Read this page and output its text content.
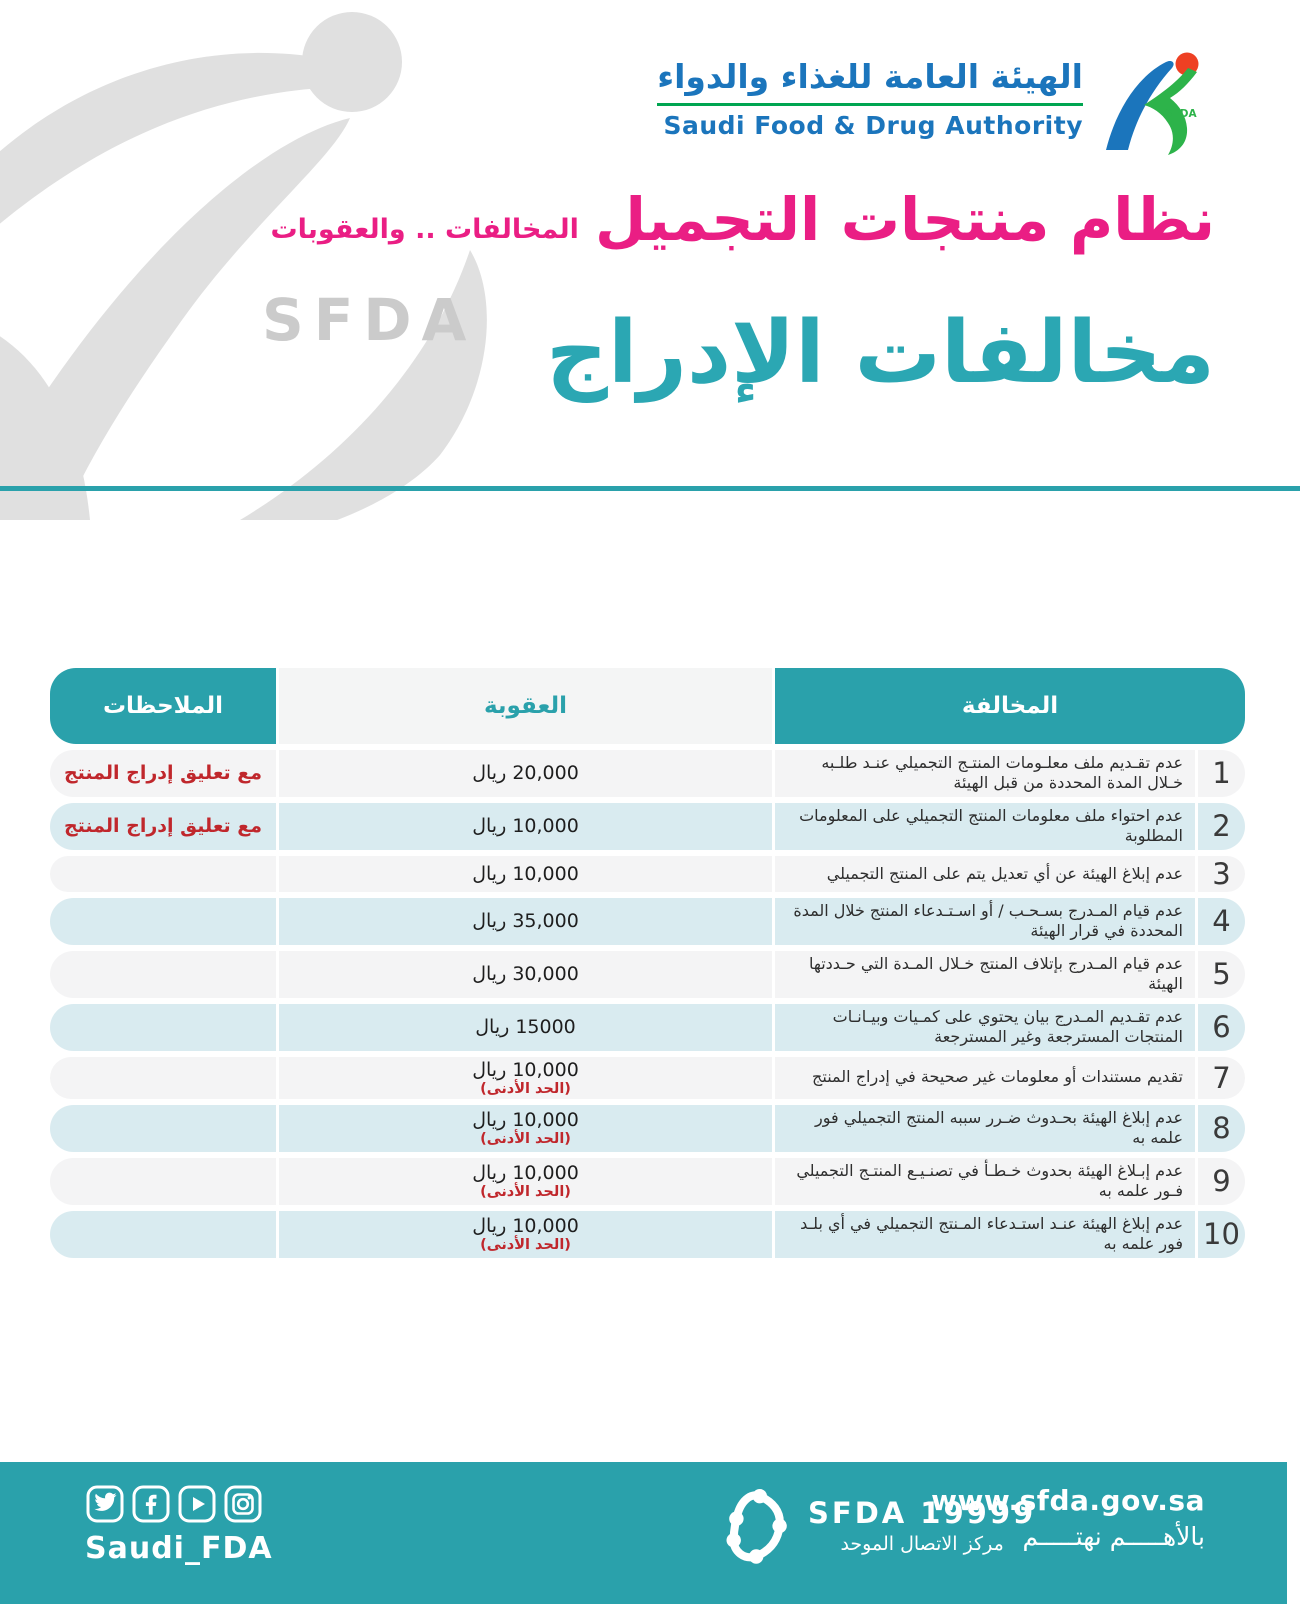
SFDA
الهيئة العامة للغذاء والدواء
Saudi Food & Drug Authority	SFDA
نظام منتجات التجميل
المخالفات .. والعقوبات
مخالفات الإدراج
المخالفة
العقوبة
الملاحظات
1
عدم تقـديم ملف معلـومات المنتـج التجميلي عنـد طلـبه خـلال المدة المحددة من قبل الهيئة
20,000 ريال
مع تعليق إدراج المنتج
2
عدم احتواء ملف معلومات المنتج التجميلي على المعلومات المطلوبة
10,000 ريال
مع تعليق إدراج المنتج
3
عدم إبلاغ الهيئة عن أي تعديل يتم على المنتج التجميلي
10,000 ريال
4
عدم قيام المـدرج بسـحـب / أو اسـتـدعاء المنتج خلال المدة المحددة في قرار الهيئة
35,000 ريال
5
عدم قيام المـدرج بإتلاف المنتج خـلال المـدة التي حـددتها الهيئة
30,000 ريال
6
عدم تقـديم المـدرج بيان يحتوي على كمـيات وبيـانـات المنتجات المسترجعة وغير المسترجعة
15000 ريال
7
تقديم مستندات أو معلومات غير صحيحة في إدراج المنتج
10,000 ريال
(الحد الأدنى)
8
عدم إبلاغ الهيئة بحـدوث ضـرر سببه المنتج التجميلي فور علمه به
10,000 ريال
(الحد الأدنى)
9
عدم إبـلاغ الهيئة بحدوث خـطـأ في تصنـيـع المنتـج التجميلي فـور علمه به
10,000 ريال
(الحد الأدنى)
10
عدم إبلاغ الهيئة عنـد استـدعاء المـنتج التجميلي في أي بلـد فور علمه به
10,000 ريال
(الحد الأدنى)
Saudi_FDA
SFDA 19999
مركز الاتصال الموحد
www.sfda.gov.sa
بالأهـــــم نهتـــــم
